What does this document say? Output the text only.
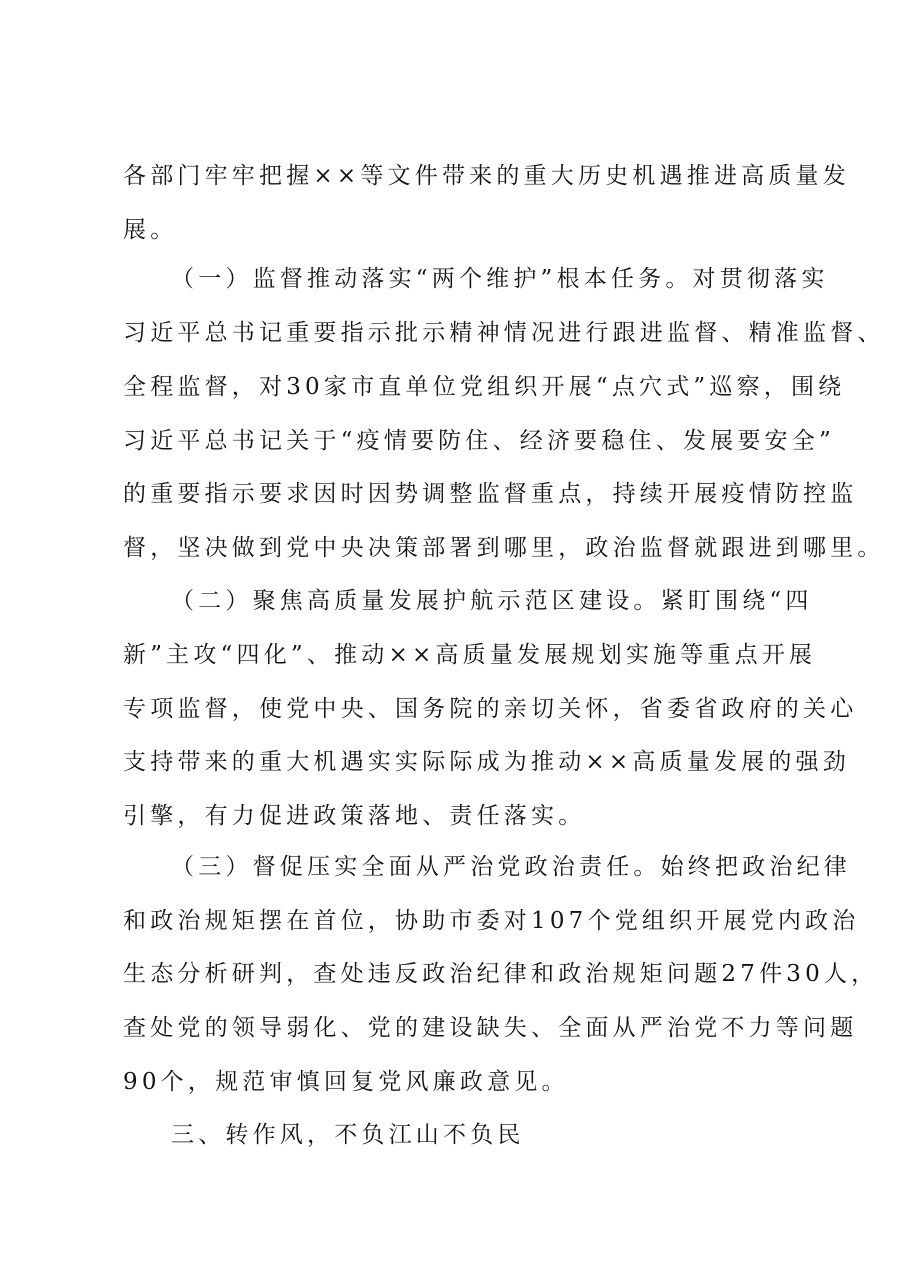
各部门牢牢把握××等文件带来的重大历史机遇推进高质量发
展。
（一）监督推动落实“两个维护”根本任务。对贯彻落实
习近平总书记重要指示批示精神情况进行跟进监督、精准监督、
全程监督，对30家市直单位党组织开展“点穴式”巡察，围绕
习近平总书记关于“疫情要防住、经济要稳住、发展要安全”
的重要指示要求因时因势调整监督重点，持续开展疫情防控监
督，坚决做到党中央决策部署到哪里，政治监督就跟进到哪里。
（二）聚焦高质量发展护航示范区建设。紧盯围绕“四
新”主攻“四化”、推动××高质量发展规划实施等重点开展
专项监督，使党中央、国务院的亲切关怀，省委省政府的关心
支持带来的重大机遇实实际际成为推动××高质量发展的强劲
引擎，有力促进政策落地、责任落实。
（三）督促压实全面从严治党政治责任。始终把政治纪律
和政治规矩摆在首位，协助市委对107个党组织开展党内政治
生态分析研判，查处违反政治纪律和政治规矩问题27件30人，
查处党的领导弱化、党的建设缺失、全面从严治党不力等问题
90个，规范审慎回复党风廉政意见。
三、转作风，不负江山不负民
